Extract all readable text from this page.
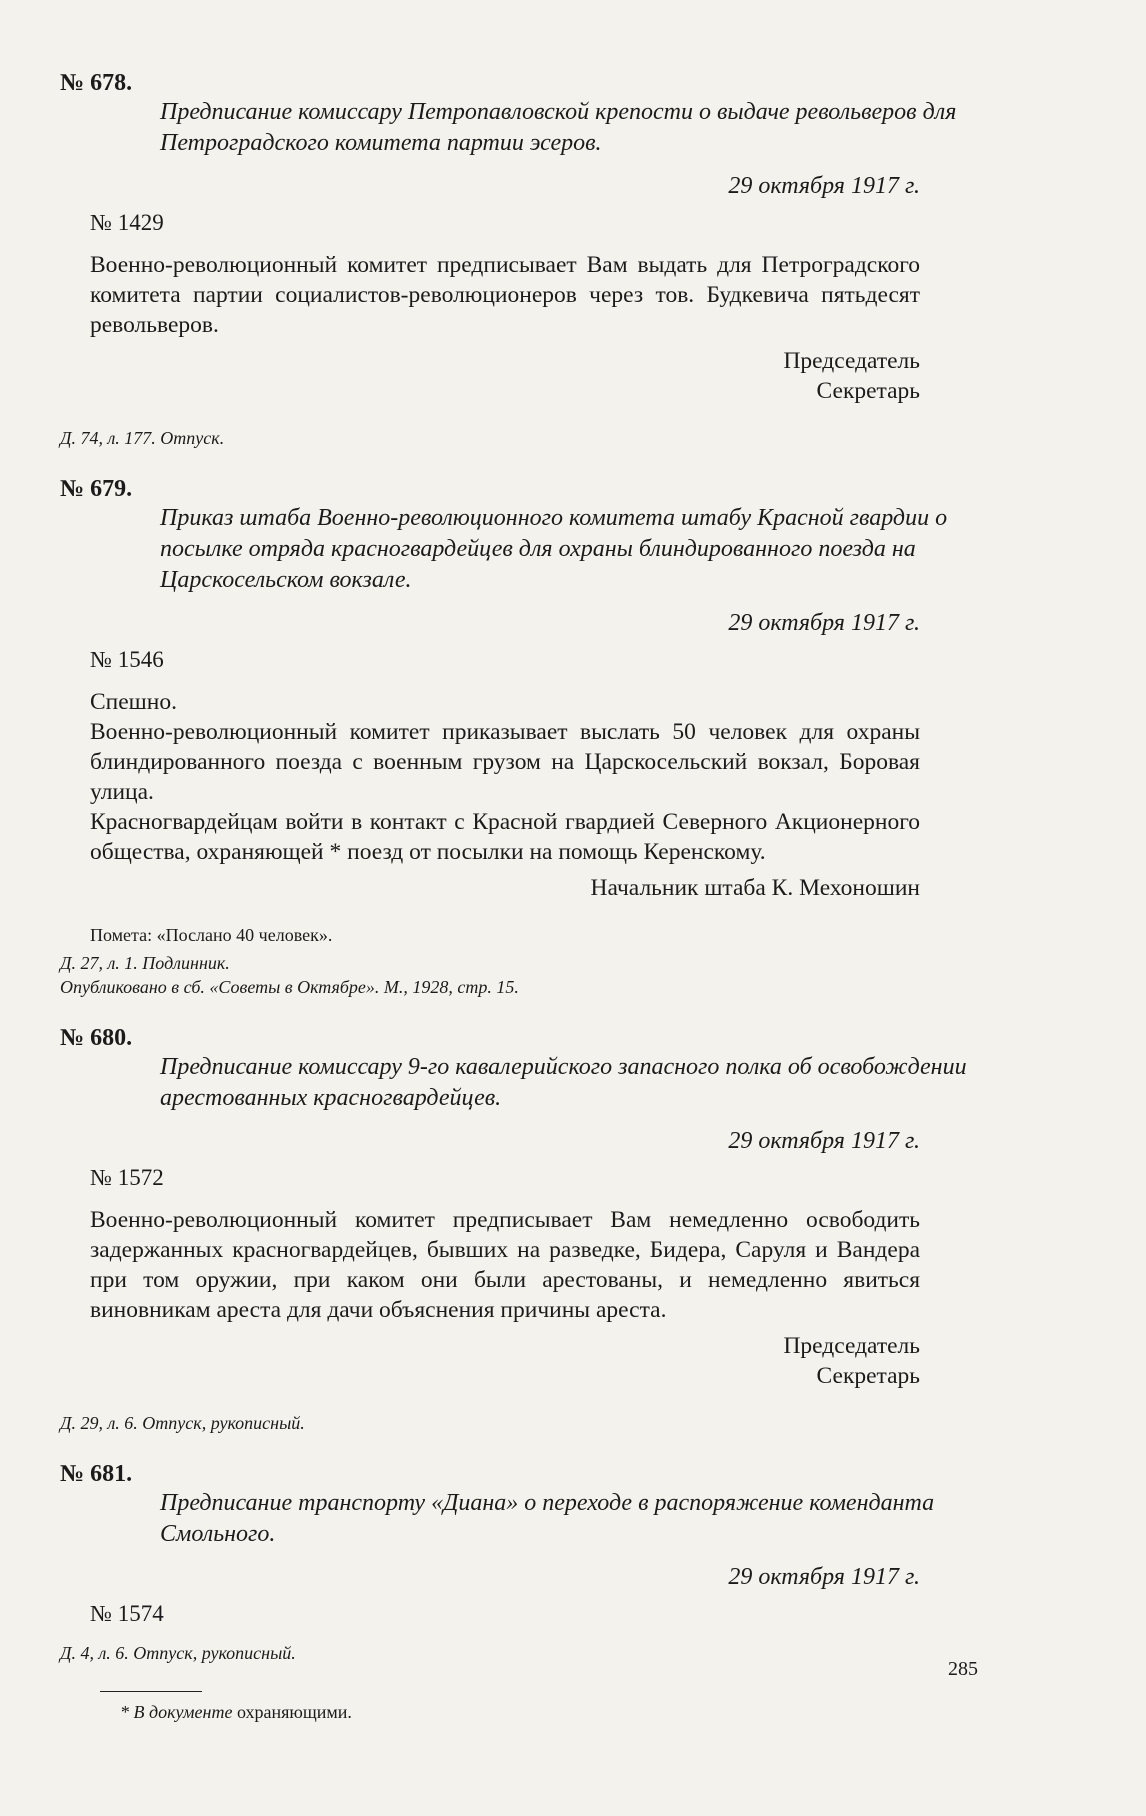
№ 678.
Предписание комиссару Петропавловской крепости о выдаче револьверов для Петроградского комитета партии эсеров.
29 октября 1917 г.
№ 1429

Военно-революционный комитет предписывает Вам выдать для Петроградского комитета партии социалистов-революционеров через тов. Будкевича пятьдесят револьверов.

Председатель
Секретарь
Д. 74, л. 177. Отпуск.
№ 679.
Приказ штаба Военно-революционного комитета штабу Красной гвардии о посылке отряда красногвардейцев для охраны блиндированного поезда на Царскосельском вокзале.
29 октября 1917 г.
№ 1546

Спешно.

Военно-революционный комитет приказывает выслать 50 человек для охраны блиндированного поезда с военным грузом на Царскосельский вокзал, Боровая улица.

Красногвардейцам войти в контакт с Красной гвардией Северного Акционерного общества, охраняющей * поезд от посылки на помощь Керенскому.

Начальник штаба К. Мехоношин
Помета: «Послано 40 человек».
Д. 27, л. 1. Подлинник.
Опубликовано в сб. «Советы в Октябре». М., 1928, стр. 15.
№ 680.
Предписание комиссару 9-го кавалерийского запасного полка об освобождении арестованных красногвардейцев.
29 октября 1917 г.
№ 1572

Военно-революционный комитет предписывает Вам немедленно освободить задержанных красногвардейцев, бывших на разведке, Бидера, Саруля и Вандера при том оружии, при каком они были арестованы, и немедленно явиться виновникам ареста для дачи объяснения причины ареста.

Председатель
Секретарь
Д. 29, л. 6. Отпуск, рукописный.
№ 681.
Предписание транспорту «Диана» о переходе в распоряжение коменданта Смольного.
29 октября 1917 г.
№ 1574
Д. 4, л. 6. Отпуск, рукописный.
* В документе охраняющими.
285
